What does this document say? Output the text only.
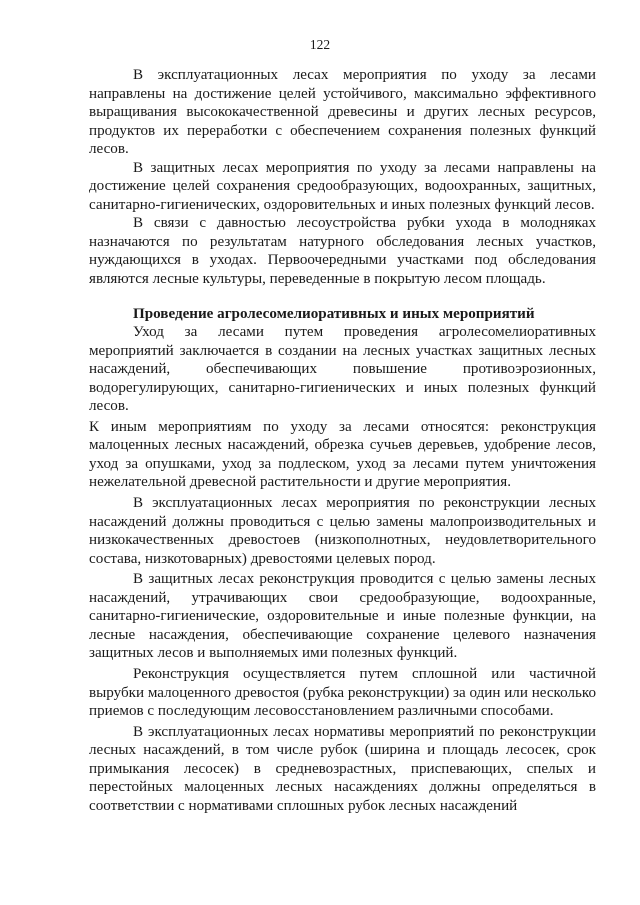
122

В эксплуатационных лесах мероприятия по уходу за лесами направлены на достижение целей устойчивого, максимально эффективного выращивания высококачественной древесины и других лесных ресурсов, продуктов их переработки с обеспечением сохранения полезных функций лесов.

В защитных лесах мероприятия по уходу за лесами направлены на достижение целей сохранения средообразующих, водоохранных, защитных, санитарно-гигиенических, оздоровительных и иных полезных функций лесов.

В связи с давностью лесоустройства рубки ухода в молодняках назначаются по результатам натурного обследования лесных участков, нуждающихся в уходах. Первоочередными участками под обследования являются лесные культуры, переведенные в покрытую лесом площадь.

Проведение агролесомелиоративных и иных мероприятий

Уход за лесами путем проведения агролесомелиоративных мероприятий заключается в создании на лесных участках защитных лесных насаждений, обеспечивающих повышение противоэрозионных, водорегулирующих, санитарно-гигиенических и иных полезных функций лесов.

К иным мероприятиям по уходу за лесами относятся: реконструкция малоценных лесных насаждений, обрезка сучьев деревьев, удобрение лесов, уход за опушками, уход за подлеском, уход за лесами путем уничтожения нежелательной древесной растительности и другие мероприятия.

В эксплуатационных лесах мероприятия по реконструкции лесных насаждений должны проводиться с целью замены малопроизводительных и низкокачественных древостоев (низкополнотных, неудовлетворительного состава, низкотоварных) древостоями целевых пород.

В защитных лесах реконструкция проводится с целью замены лесных насаждений, утрачивающих свои средообразующие, водоохранные, санитарно-гигиенические, оздоровительные и иные полезные функции, на лесные насаждения, обеспечивающие сохранение целевого назначения защитных лесов и выполняемых ими полезных функций.

Реконструкция осуществляется путем сплошной или частичной вырубки малоценного древостоя (рубка реконструкции) за один или несколько приемов с последующим лесовосстановлением различными способами.

В эксплуатационных лесах нормативы мероприятий по реконструкции лесных насаждений, в том числе рубок (ширина и площадь лесосек, срок примыкания лесосек) в средневозрастных, приспевающих, спелых и перестойных малоценных лесных насаждениях должны определяться в соответствии с нормативами сплошных рубок лесных насаждений
